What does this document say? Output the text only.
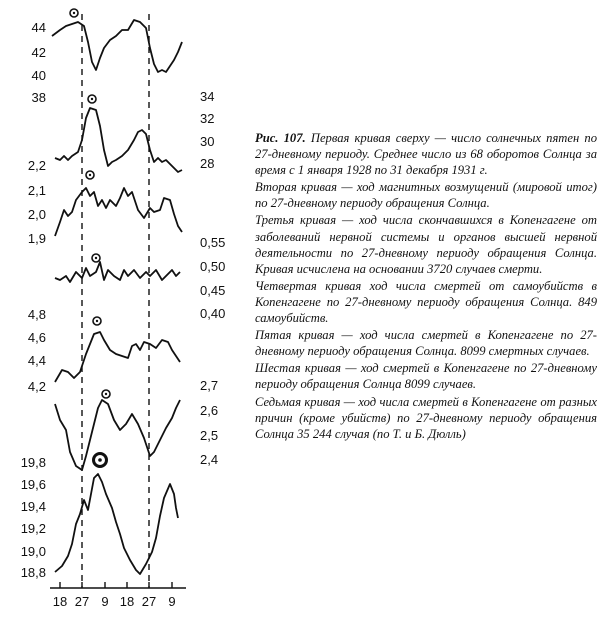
44
42
40
38
2,2
2,1
2,0
1,9
4,8
4,6
4,4
4,2
19,8
19,6
19,4
19,2
19,0
18,8
34
32
30
28
0,55
0,50
0,45
0,40
2,7
2,6
2,5
2,4
18 27 9 18 27 9

Рис. 107. Первая кривая сверху — число солнечных пятен по 27-дневному периоду. Среднее число из 68 оборотов Солнца за время с 1 января 1928 по 31 декабря 1931 г.

Вторая кривая — ход магнитных возмущений (мировой итог) по 27-дневному периоду обращения Солнца.

Третья кривая — ход числа скончавшихся в Копенгагене от заболеваний нервной системы и органов высшей нервной деятельности по 27-дневному периоду обращения Солнца. Кривая исчислена на основании 3720 случаев смерти.

Четвертая кривая ход числа смертей от самоубийств в Копенгагене по 27-дневному периоду обращения Солнца. 849 самоубийств.

Пятая кривая — ход числа смертей в Копенгагене по 27-дневному периоду обращения Солнца. 8099 смертных случаев.

Шестая кривая — ход смертей в Копенгагене по 27-дневному периоду обращения Солнца 8099 случаев.

Седьмая кривая — ход числа смертей в Копенгагене от разных причин (кроме убийств) по 27-дневному периоду обращения Солнца 35 244 случая (по Т. и Б. Дюлль)
